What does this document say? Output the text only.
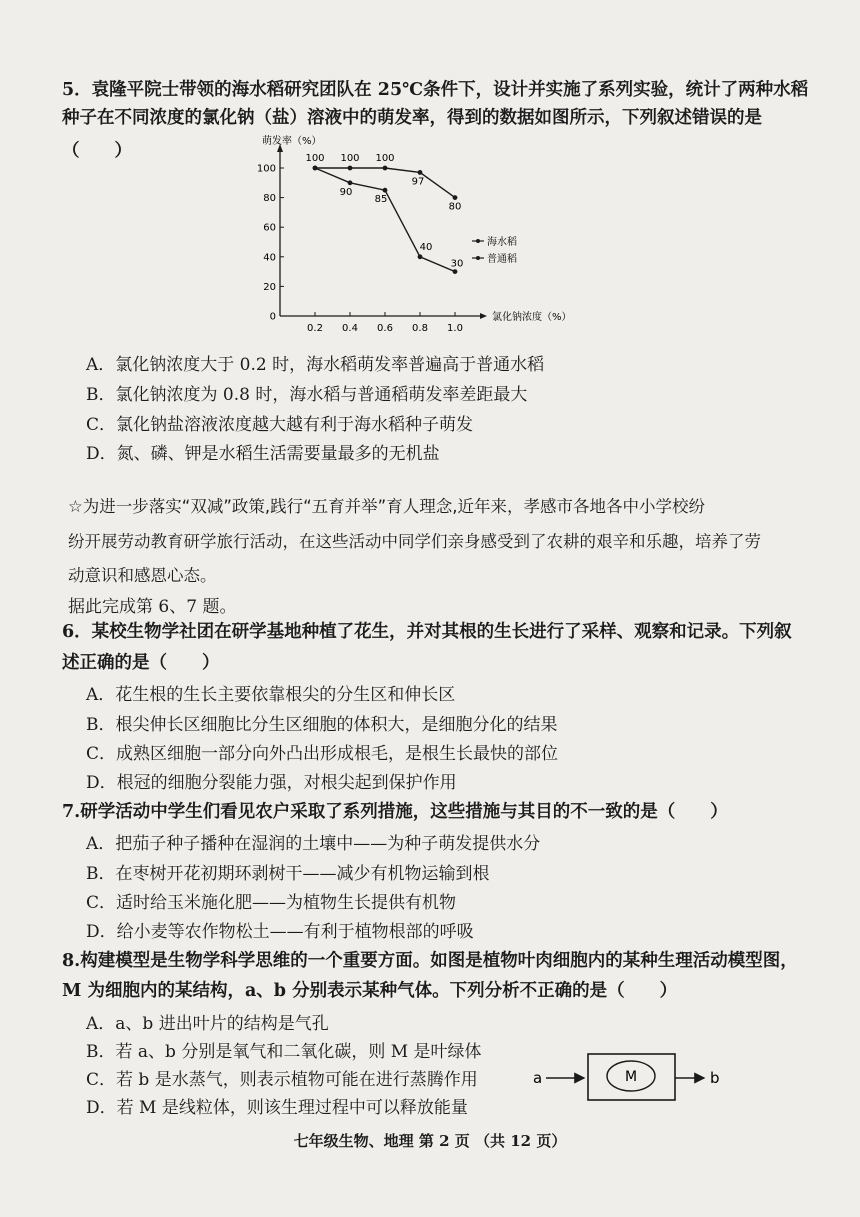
5．袁隆平院士带领的海水稻研究团队在 25℃条件下，设计并实施了系列实验，统计了两种水稻

种子在不同浓度的氯化钠（盐）溶液中的萌发率，得到的数据如图所示，下列叙述错误的是（　　）	萌发率（%）
氯化钠浓度（%）
0
20
40
60
80
100
0.2 0.4 0.6 0.8 1.0
100 100 100
97
80
海水稻
90
85
40
30 普通稻

A．氯化钠浓度大于 0.2 时，海水稻萌发率普遍高于普通水稻

B．氯化钠浓度为 0.8 时，海水稻与普通稻萌发率差距最大

C．氯化钠盐溶液浓度越大越有利于海水稻种子萌发

D．氮、磷、钾是水稻生活需要量最多的无机盐

☆为进一步落实“双减”政策,践行“五育并举”育人理念,近年来，孝感市各地各中小学校纷

纷开展劳动教育研学旅行活动，在这些活动中同学们亲身感受到了农耕的艰辛和乐趣，培养了劳

动意识和感恩心态。

据此完成第 6、7 题。

6．某校生物学社团在研学基地种植了花生，并对其根的生长进行了采样、观察和记录。下列叙

述正确的是（　　）

A．花生根的生长主要依靠根尖的分生区和伸长区

B．根尖伸长区细胞比分生区细胞的体积大，是细胞分化的结果

C．成熟区细胞一部分向外凸出形成根毛，是根生长最快的部位

D．根冠的细胞分裂能力强，对根尖起到保护作用

7.研学活动中学生们看见农户采取了系列措施，这些措施与其目的不一致的是（　　）

A．把茄子种子播种在湿润的土壤中——为种子萌发提供水分

B．在枣树开花初期环剥树干——减少有机物运输到根

C．适时给玉米施化肥——为植物生长提供有机物

D．给小麦等农作物松土——有利于植物根部的呼吸

8.构建模型是生物学科学思维的一个重要方面。如图是植物叶肉细胞内的某种生理活动模型图，

M 为细胞内的某结构，a、b 分别表示某种气体。下列分析不正确的是（　　）

A．a、b 进出叶片的结构是气孔

B．若 a、b 分别是氧气和二氧化碳，则 M 是叶绿体

C．若 b 是水蒸气，则表示植物可能在进行蒸腾作用

D．若 M 是线粒体，则该生理过程中可以释放能量

a	M	b
七年级生物、地理 第 2 页 （共 12 页）
